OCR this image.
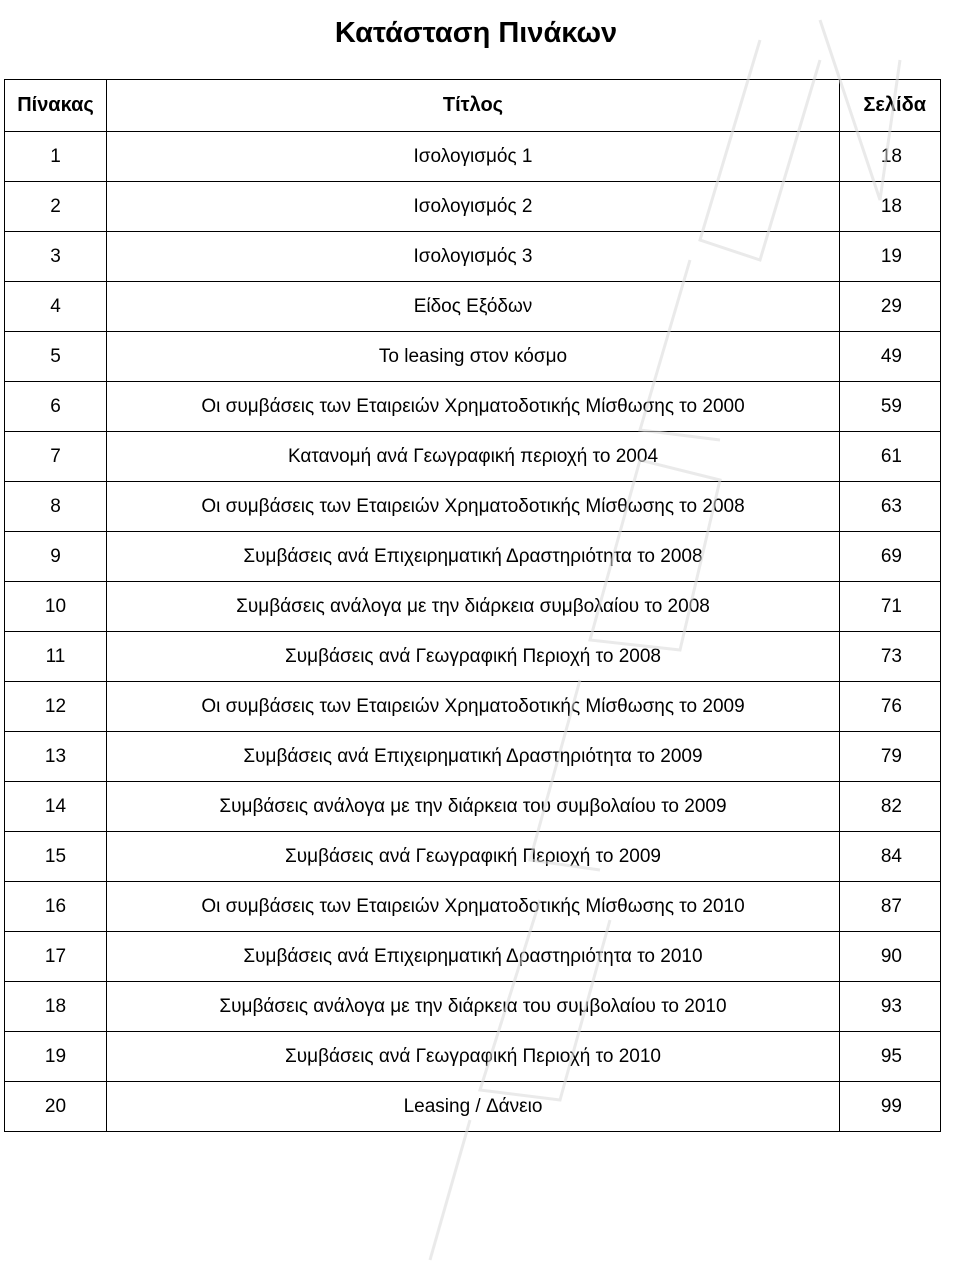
Κατάσταση Πινάκων
Πίνακας	Τίτλος	Σελίδα
1	Ισολογισμός 1	18
2	Ισολογισμός 2	18
3	Ισολογισμός 3	19
4	Είδος Εξόδων	29
5	Το leasing στον κόσμο	49
6	Οι συμβάσεις των Εταιρειών Χρηματοδοτικής Μίσθωσης το 2000	59
7	Κατανομή ανά Γεωγραφική περιοχή το 2004	61
8	Οι συμβάσεις των Εταιρειών Χρηματοδοτικής Μίσθωσης το 2008	63
9	Συμβάσεις ανά Επιχειρηματική Δραστηριότητα το 2008	69
10	Συμβάσεις ανάλογα με την διάρκεια συμβολαίου το 2008	71
11	Συμβάσεις ανά Γεωγραφική Περιοχή το 2008	73
12	Οι συμβάσεις των Εταιρειών Χρηματοδοτικής Μίσθωσης το 2009	76
13	Συμβάσεις ανά Επιχειρηματική Δραστηριότητα το 2009	79
14	Συμβάσεις ανάλογα με την διάρκεια του συμβολαίου το 2009	82
15	Συμβάσεις ανά Γεωγραφική Περιοχή το 2009	84
16	Οι συμβάσεις των Εταιρειών Χρηματοδοτικής Μίσθωσης το 2010	87
17	Συμβάσεις ανά Επιχειρηματική Δραστηριότητα το 2010	90
18	Συμβάσεις ανάλογα με την διάρκεια του συμβολαίου το 2010	93
19	Συμβάσεις ανά Γεωγραφική Περιοχή το 2010	95
20	Leasing / Δάνειο	99
